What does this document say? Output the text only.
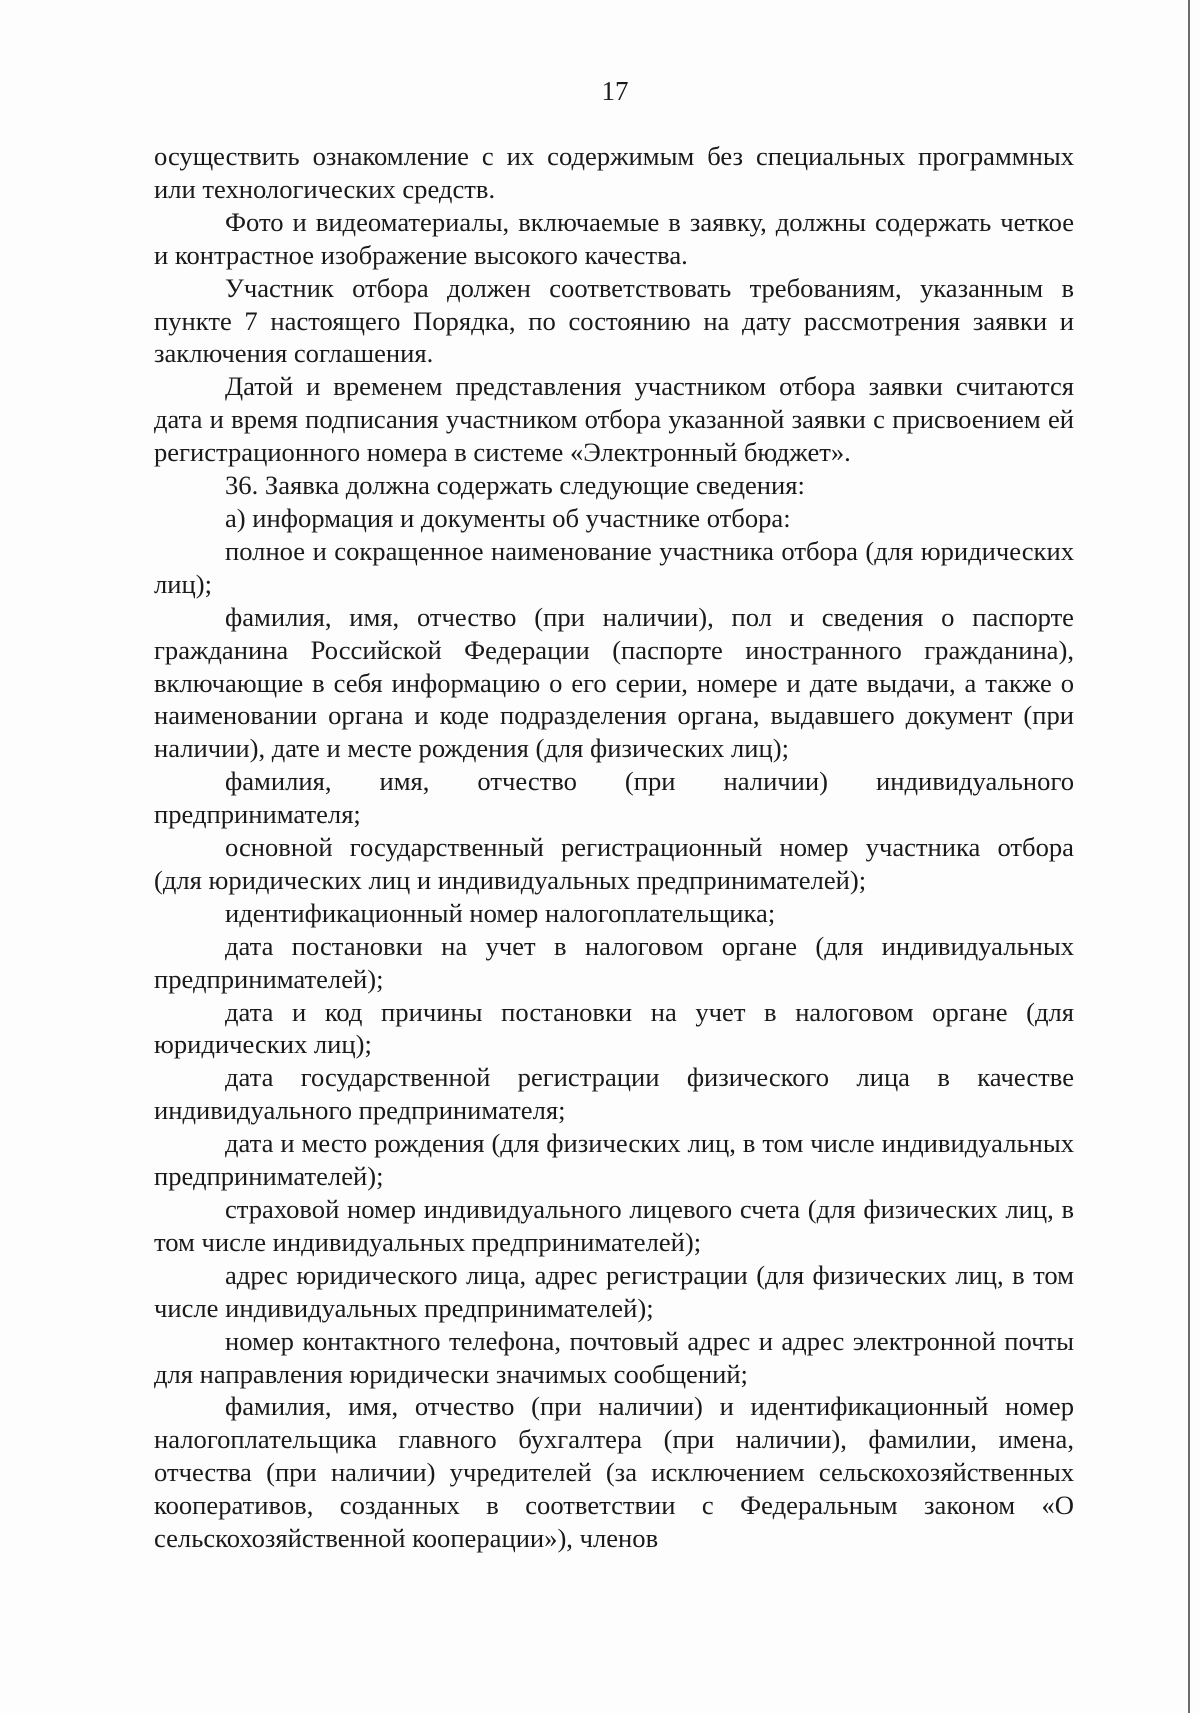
17

осуществить ознакомление с их содержимым без специальных программных или технологических средств.

Фото и видеоматериалы, включаемые в заявку, должны содержать четкое и контрастное изображение высокого качества.

Участник отбора должен соответствовать требованиям, указанным в пункте 7 настоящего Порядка, по состоянию на дату рассмотрения заявки и заключения соглашения.

Датой и временем представления участником отбора заявки считаются дата и время подписания участником отбора указанной заявки с присвоением ей регистрационного номера в системе «Электронный бюджет».

36. Заявка должна содержать следующие сведения:

а) информация и документы об участнике отбора:

полное и сокращенное наименование участника отбора (для юридических лиц);

фамилия, имя, отчество (при наличии), пол и сведения о паспорте гражданина Российской Федерации (паспорте иностранного гражданина), включающие в себя информацию о его серии, номере и дате выдачи, а также о наименовании органа и коде подразделения органа, выдавшего документ (при наличии), дате и месте рождения (для физических лиц);

фамилия, имя, отчество (при наличии) индивидуального предпринимателя;

основной государственный регистрационный номер участника отбора (для юридических лиц и индивидуальных предпринимателей);

идентификационный номер налогоплательщика;

дата постановки на учет в налоговом органе (для индивидуальных предпринимателей);

дата и код причины постановки на учет в налоговом органе (для юридических лиц);

дата государственной регистрации физического лица в качестве индивидуального предпринимателя;

дата и место рождения (для физических лиц, в том числе индивидуальных предпринимателей);

страховой номер индивидуального лицевого счета (для физических лиц, в том числе индивидуальных предпринимателей);

адрес юридического лица, адрес регистрации (для физических лиц, в том числе индивидуальных предпринимателей);

номер контактного телефона, почтовый адрес и адрес электронной почты для направления юридически значимых сообщений;

фамилия, имя, отчество (при наличии) и идентификационный номер налогоплательщика главного бухгалтера (при наличии), фамилии, имена, отчества (при наличии) учредителей (за исключением сельскохозяйственных кооперативов, созданных в соответствии с Федеральным законом «О сельскохозяйственной кооперации»), членов
